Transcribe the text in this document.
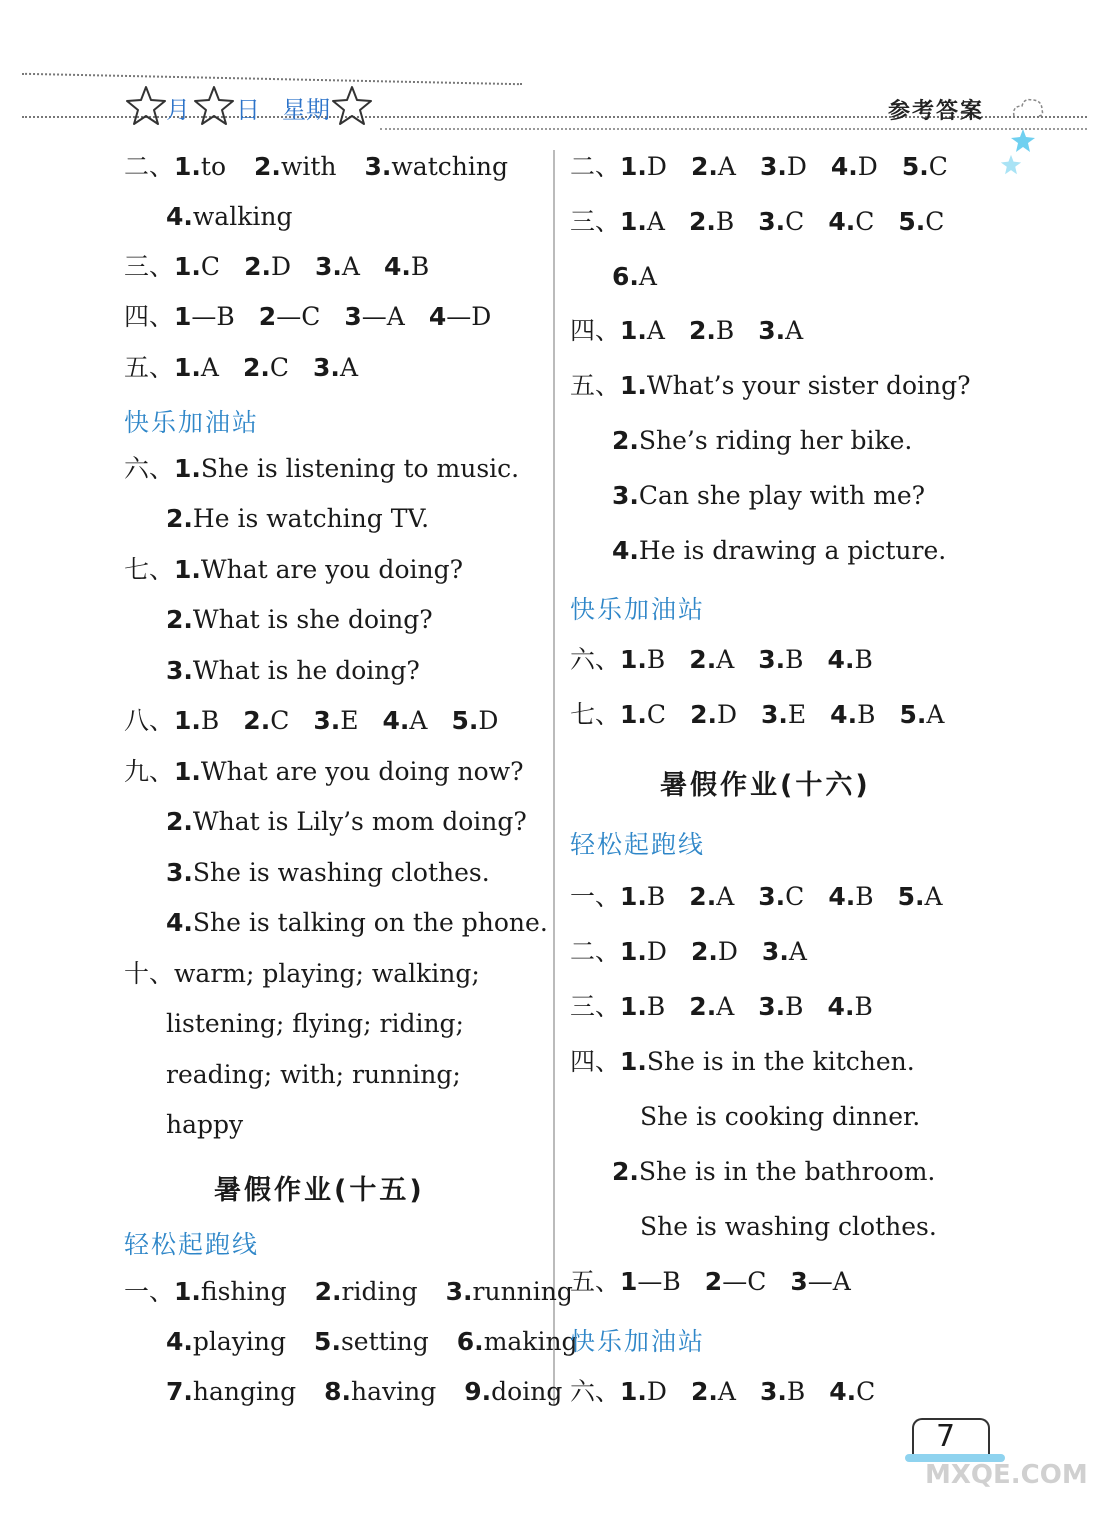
月 日 星期	参考答案
二、1.to 2.with 3.watching
4.walking
三、1.C 2.D 3.A 4.B
四、1—B 2—C 3—A 4—D
五、1.A 2.C 3.A
快乐加油站
六、1.She is listening to music.
2.He is watching TV.
七、1.What are you doing?
2.What is she doing?
3.What is he doing?
八、1.B 2.C 3.E 4.A 5.D
九、1.What are you doing now?
2.What is Lily’s mom doing?
3.She is washing clothes.
4.She is talking on the phone.
十、warm; playing; walking;
listening; flying; riding;
reading; with; running;
happy
暑假作业(十五)
轻松起跑线
一、1.fishing 2.riding 3.running
4.playing 5.setting 6.making
7.hanging 8.having 9.doing
二、1.D 2.A 3.D 4.D 5.C
三、1.A 2.B 3.C 4.C 5.C
6.A
四、1.A 2.B 3.A
五、1.What’s your sister doing?
2.She’s riding her bike.
3.Can she play with me?
4.He is drawing a picture.
快乐加油站
六、1.B 2.A 3.B 4.B
七、1.C 2.D 3.E 4.B 5.A
暑假作业(十六)
轻松起跑线
一、1.B 2.A 3.C 4.B 5.A
二、1.D 2.D 3.A
三、1.B 2.A 3.B 4.B
四、1.She is in the kitchen.
She is cooking dinner.
2.She is in the bathroom.
She is washing clothes.
五、1—B 2—C 3—A
快乐加油站
六、1.D 2.A 3.B 4.C
7
MXQE.COM
